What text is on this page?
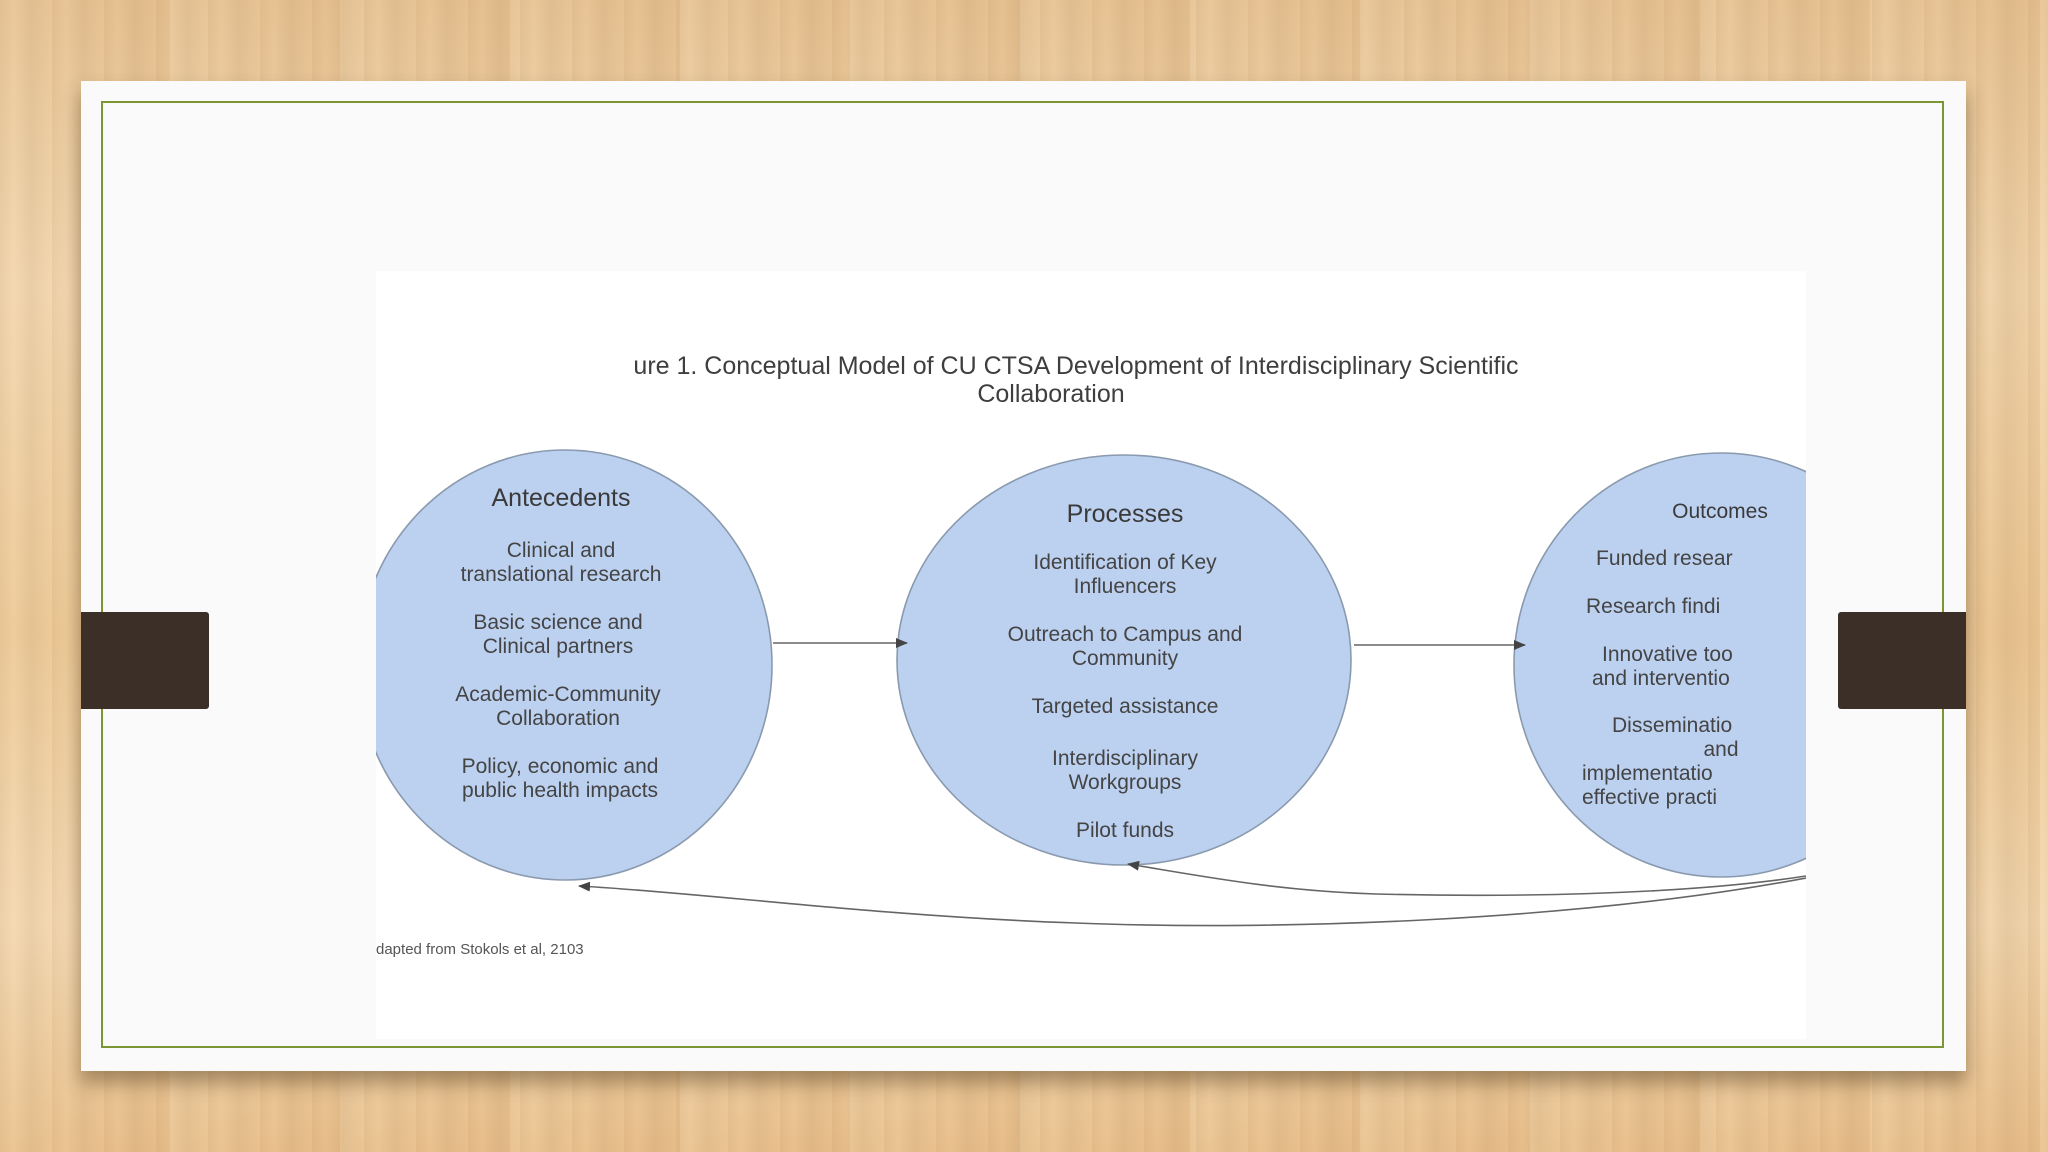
ure 1. Conceptual Model of CU CTSA Development of Interdisciplinary Scientific
Collaboration
Antecedents
Clinical and
translational research
Basic science and
Clinical partners
Academic-Community
Collaboration
Policy, economic and
public health impacts
Processes
Identification of Key
Influencers
Outreach to Campus and
Community
Targeted assistance
Interdisciplinary
Workgroups
Pilot funds
Outcomes
Funded resear
Research findi
Innovative too
and interventio
Disseminatio
and
implementatio
effective practi
dapted from Stokols et al, 2103
